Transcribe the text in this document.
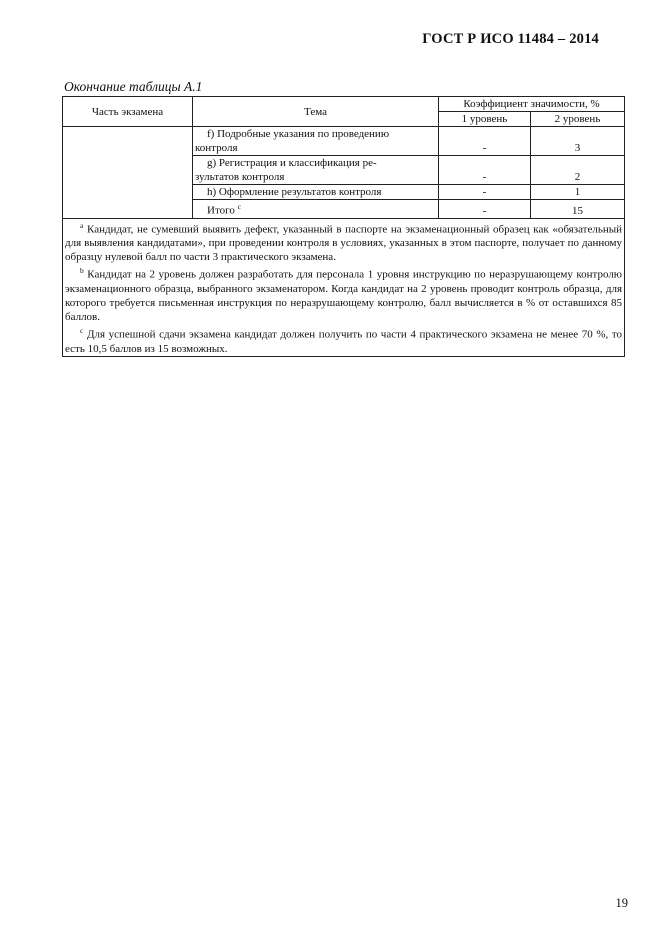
ГОСТ Р ИСО 11484 – 2014
Окончание таблицы А.1
Часть экзамена	Тема	Коэффициент значимости, %	
		1 уровень	2 уровень

	f) Подробные указания по проведению
контроля	-	3

	g) Регистрация и классификация ре-
зультатов контроля	-	2

	h) Оформление результатов контроля	-	1

	Итого $^c$	-	15

$^a$ Кандидат, не сумевший выявить дефект, указанный в паспорте на экзаменационный образец как «обязательный для выявления кандидатами», при проведении контроля в условиях, указанных в этом паспорте, получает по данному образцу нулевой балл по части 3 практического экзамена.

$^b$ Кандидат на 2 уровень должен разработать для персонала 1 уровня инструкцию по неразрушающему контролю экзаменационного образца, выбранного экзаменатором. Когда кандидат на 2 уровень проводит контроль образца, для которого требуется письменная инструкция по неразрушающему контролю, балл вычисляется в % от оставшихся 85 баллов.

$^c$ Для успешной сдачи экзамена кандидат должен получить по части 4 практического экзамена не менее 70 %, то есть 10,5 баллов из 15 возможных.			

19
